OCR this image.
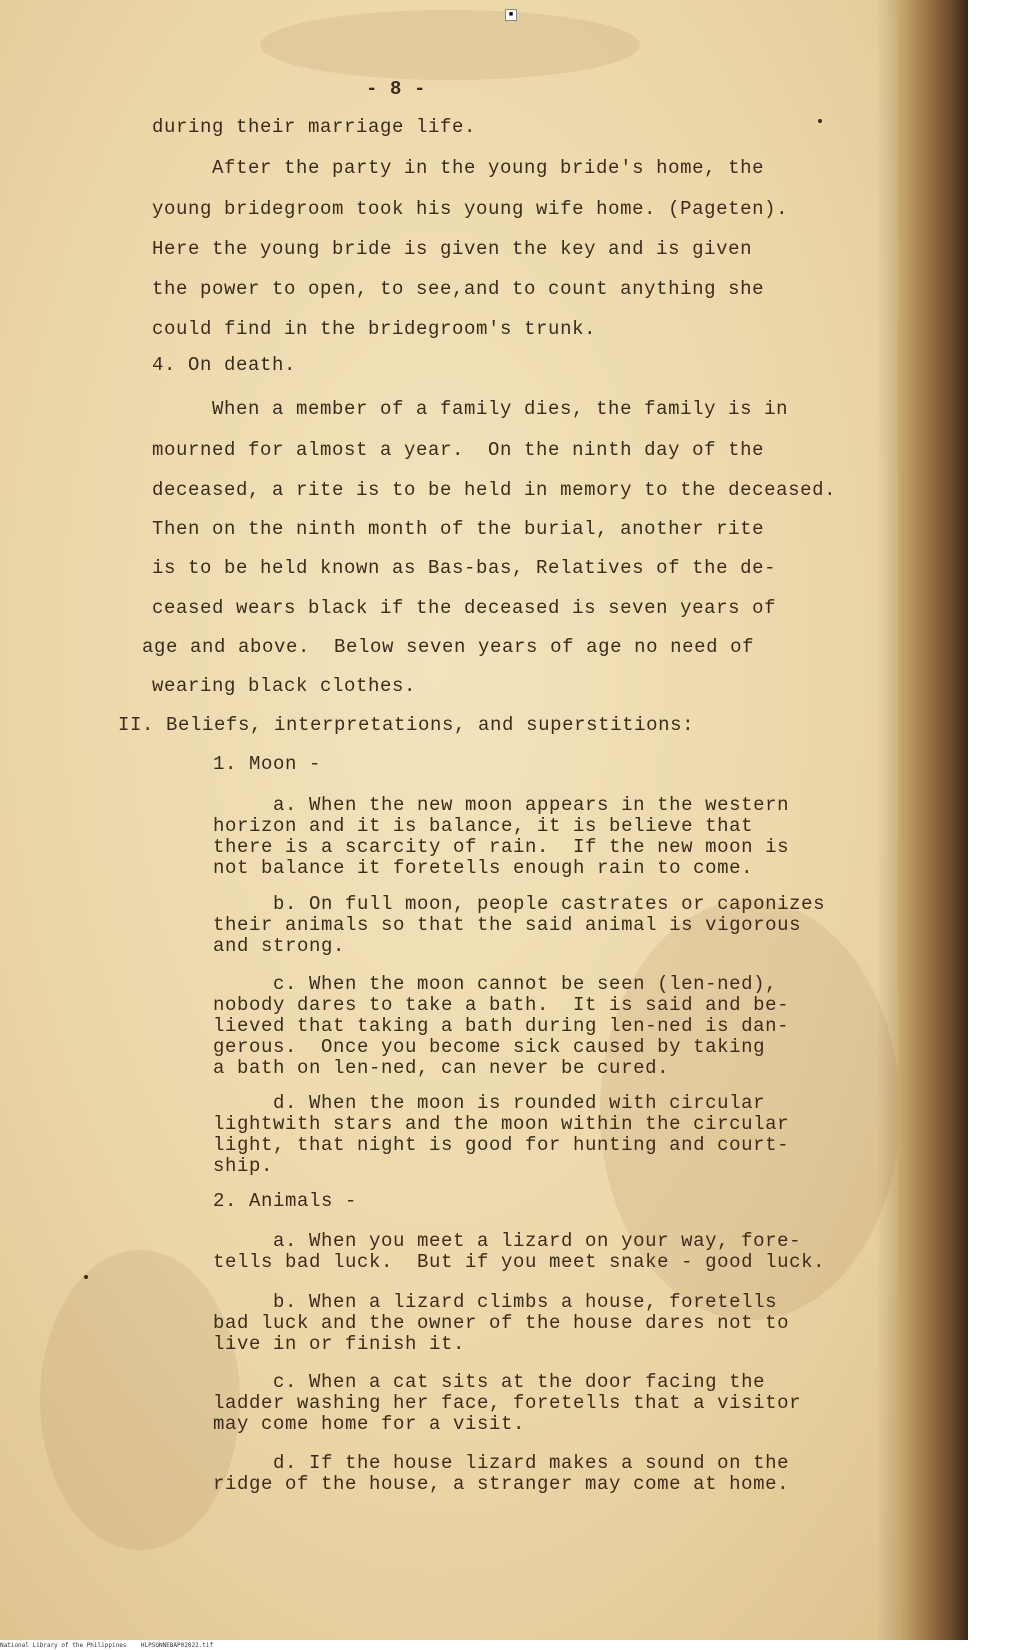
- 8 -
during their marriage life.
After the party in the young bride's home, the
young bridegroom took his young wife home. (Pageten).
Here the young bride is given the key and is given
the power to open, to see,and to count anything she
could find in the bridegroom's trunk.
4. On death.
When a member of a family dies, the family is in
mourned for almost a year.  On the ninth day of the
deceased, a rite is to be held in memory to the deceased.
Then on the ninth month of the burial, another rite
is to be held known as Bas-bas, Relatives of the de-
ceased wears black if the deceased is seven years of
age and above.  Below seven years of age no need of
wearing black clothes.
II. Beliefs, interpretations, and superstitions:
1. Moon -
a. When the new moon appears in the western
horizon and it is balance, it is believe that
there is a scarcity of rain.  If the new moon is
not balance it foretells enough rain to come.
b. On full moon, people castrates or caponizes
their animals so that the said animal is vigorous
and strong.
c. When the moon cannot be seen (len-ned),
nobody dares to take a bath.  It is said and be-
lieved that taking a bath during len-ned is dan-
gerous.  Once you become sick caused by taking
a bath on len-ned, can never be cured.
d. When the moon is rounded with circular
lightwith stars and the moon within the circular
light, that night is good for hunting and court-
ship.
2. Animals -
a. When you meet a lizard on your way, fore-
tells bad luck.  But if you meet snake - good luck.
b. When a lizard climbs a house, foretells
bad luck and the owner of the house dares not to
live in or finish it.
c. When a cat sits at the door facing the
ladder washing her face, foretells that a visitor
may come home for a visit.
d. If the house lizard makes a sound on the
ridge of the house, a stranger may come at home.
■
National Library of the Philippines HLPSONNEBAP02022.tif
